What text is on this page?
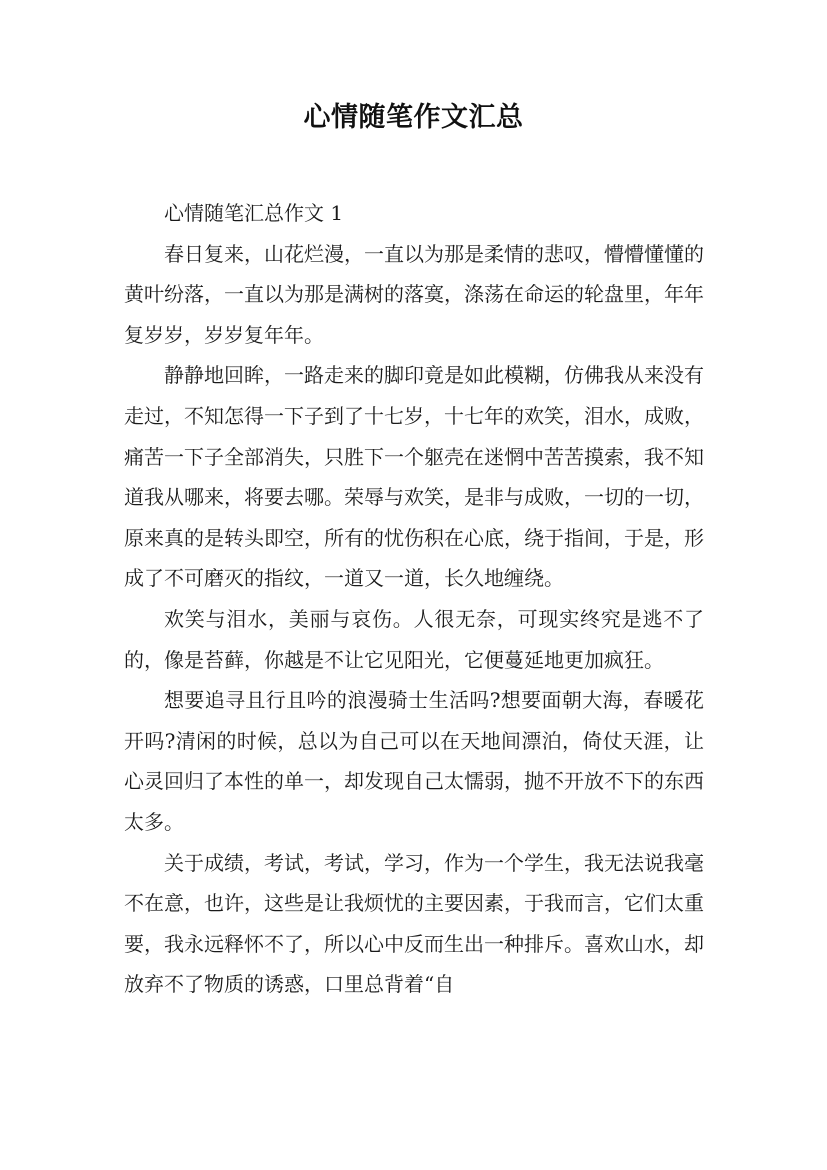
心情随笔作文汇总

心情随笔汇总作文 1

春日复来，山花烂漫，一直以为那是柔情的悲叹，懵懵懂懂的黄叶纷落，一直以为那是满树的落寞，涤荡在命运的轮盘里，年年复岁岁，岁岁复年年。

静静地回眸，一路走来的脚印竟是如此模糊，仿佛我从来没有走过，不知怎得一下子到了十七岁，十七年的欢笑，泪水，成败，痛苦一下子全部消失，只胜下一个躯壳在迷惘中苦苦摸索，我不知道我从哪来，将要去哪。荣辱与欢笑，是非与成败，一切的一切，原来真的是转头即空，所有的忧伤积在心底，绕于指间，于是，形成了不可磨灭的指纹，一道又一道，长久地缠绕。

欢笑与泪水，美丽与哀伤。人很无奈，可现实终究是逃不了的，像是苔藓，你越是不让它见阳光，它便蔓延地更加疯狂。

想要追寻且行且吟的浪漫骑士生活吗?想要面朝大海，春暖花开吗?清闲的时候，总以为自己可以在天地间漂泊，倚仗天涯，让心灵回归了本性的单一，却发现自己太懦弱，抛不开放不下的东西太多。

关于成绩，考试，考试，学习，作为一个学生，我无法说我毫不在意，也许，这些是让我烦忧的主要因素，于我而言，它们太重要，我永远释怀不了，所以心中反而生出一种排斥。喜欢山水，却放弃不了物质的诱惑，口里总背着“自
